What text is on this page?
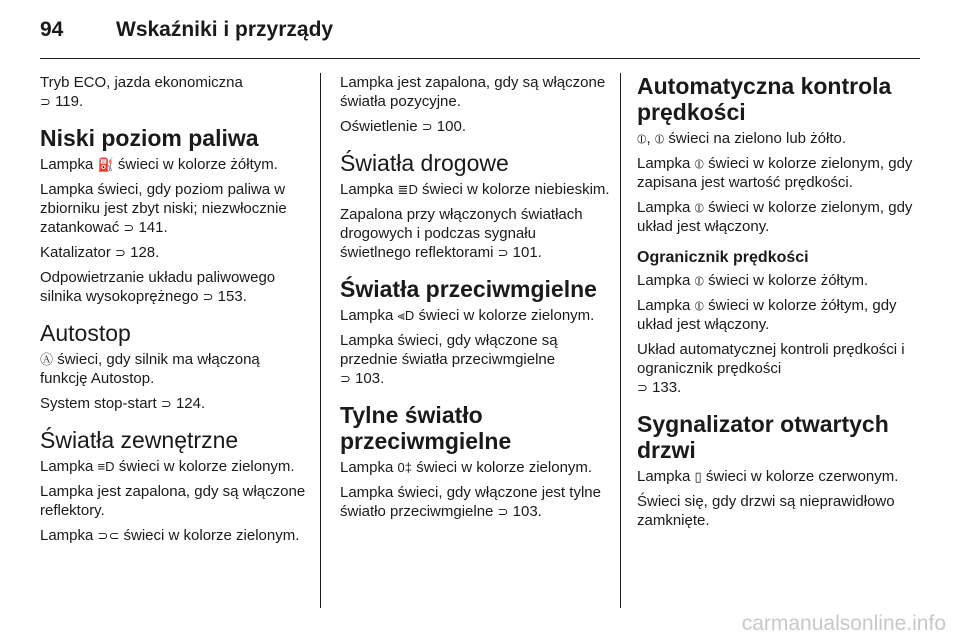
94	Wskaźniki i przyrządy

Tryb ECO, jazda ekonomiczna
⊃ 119.

Niski poziom paliwa

Lampka ⛽ świeci w kolorze żółtym.

Lampka świeci, gdy poziom paliwa w zbiorniku jest zbyt niski; niezwłocznie zatankować ⊃ 141.

Katalizator ⊃ 128.

Odpowietrzanie układu paliwowego silnika wysokoprężnego ⊃ 153.

Autostop

Ⓐ świeci, gdy silnik ma włączoną funkcję Autostop.

System stop-start ⊃ 124.

Światła zewnętrzne

Lampka ≡D świeci w kolorze zielonym.

Lampka jest zapalona, gdy są włączone reflektory.

Lampka ⊃⊂ świeci w kolorze zielonym.

Lampka jest zapalona, gdy są włączone światła pozycyjne.

Oświetlenie ⊃ 100.

Światła drogowe

Lampka ≣D świeci w kolorze niebieskim.

Zapalona przy włączonych światłach drogowych i podczas sygnału świetlnego reflektorami ⊃ 101.

Światła przeciwmgielne

Lampka ⫷D świeci w kolorze zielonym.

Lampka świeci, gdy włączone są przednie światła przeciwmgielne
⊃ 103.

Tylne światło przeciwmgielne

Lampka 0‡ świeci w kolorze zielonym.

Lampka świeci, gdy włączone jest tylne światło przeciwmgielne ⊃ 103.

Automatyczna kontrola prędkości

⦶, ⦶ świeci na zielono lub żółto.

Lampka ⦶ świeci w kolorze zielonym, gdy zapisana jest wartość prędkości.

Lampka ⦶ świeci w kolorze zielonym, gdy układ jest włączony.

Ogranicznik prędkości

Lampka ⦶ świeci w kolorze żółtym.

Lampka ⦶ świeci w kolorze żółtym, gdy układ jest włączony.

Układ automatycznej kontroli prędkości i ogranicznik prędkości
⊃ 133.

Sygnalizator otwartych drzwi

Lampka ▯ świeci w kolorze czerwonym.

Świeci się, gdy drzwi są nieprawidłowo zamknięte.

carmanualsonline.info
